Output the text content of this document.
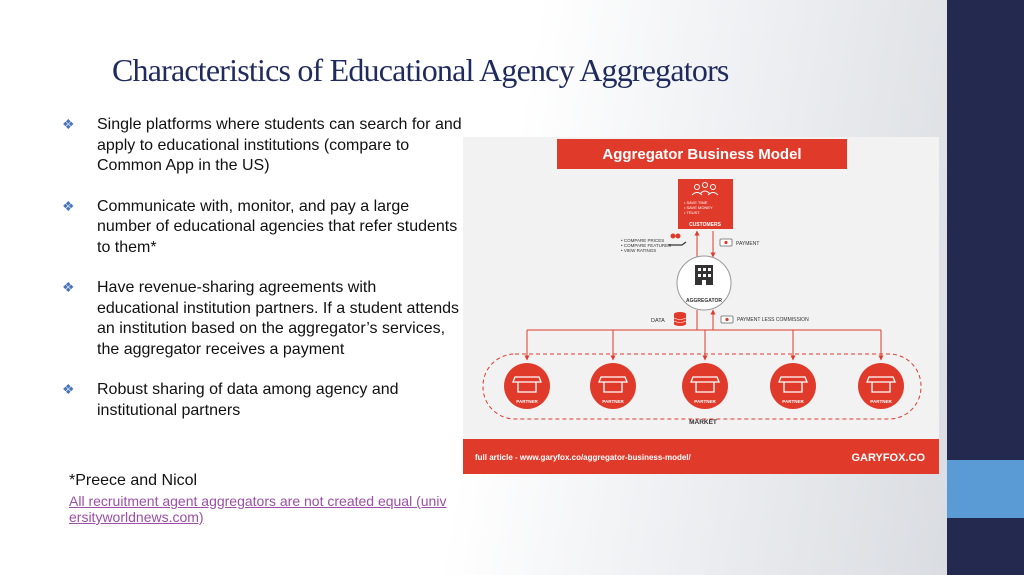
Characteristics of Educational Agency Aggregators
❖ Single platforms where students can search for and apply to educational institutions (compare to Common App in the US)
❖ Communicate with, monitor, and pay a large number of educational agencies that refer students to them*
❖ Have revenue-sharing agreements with educational institution partners. If a student attends an institution based on the aggregator’s services, the aggregator receives a payment
❖ Robust sharing of data among agency and institutional partners
*Preece and Nicol
All recruitment agent aggregators are not created equal (universityworldnews.com)
Aggregator Business Model
• SAVE TIME
• SAVE MONEY
• TRUST
CUSTOMERS
• COMPARE PRICES
• COMPARE FEATURES
• VIEW RATINGS
PAYMENT
AGGREGATOR
DATA	PAYMENT LESS COMMISSION
PARTNER	PARTNER	PARTNER	PARTNER	PARTNER
MARKET
full article - www.garyfox.co/aggregator-business-model/	GARYFOX.CO
